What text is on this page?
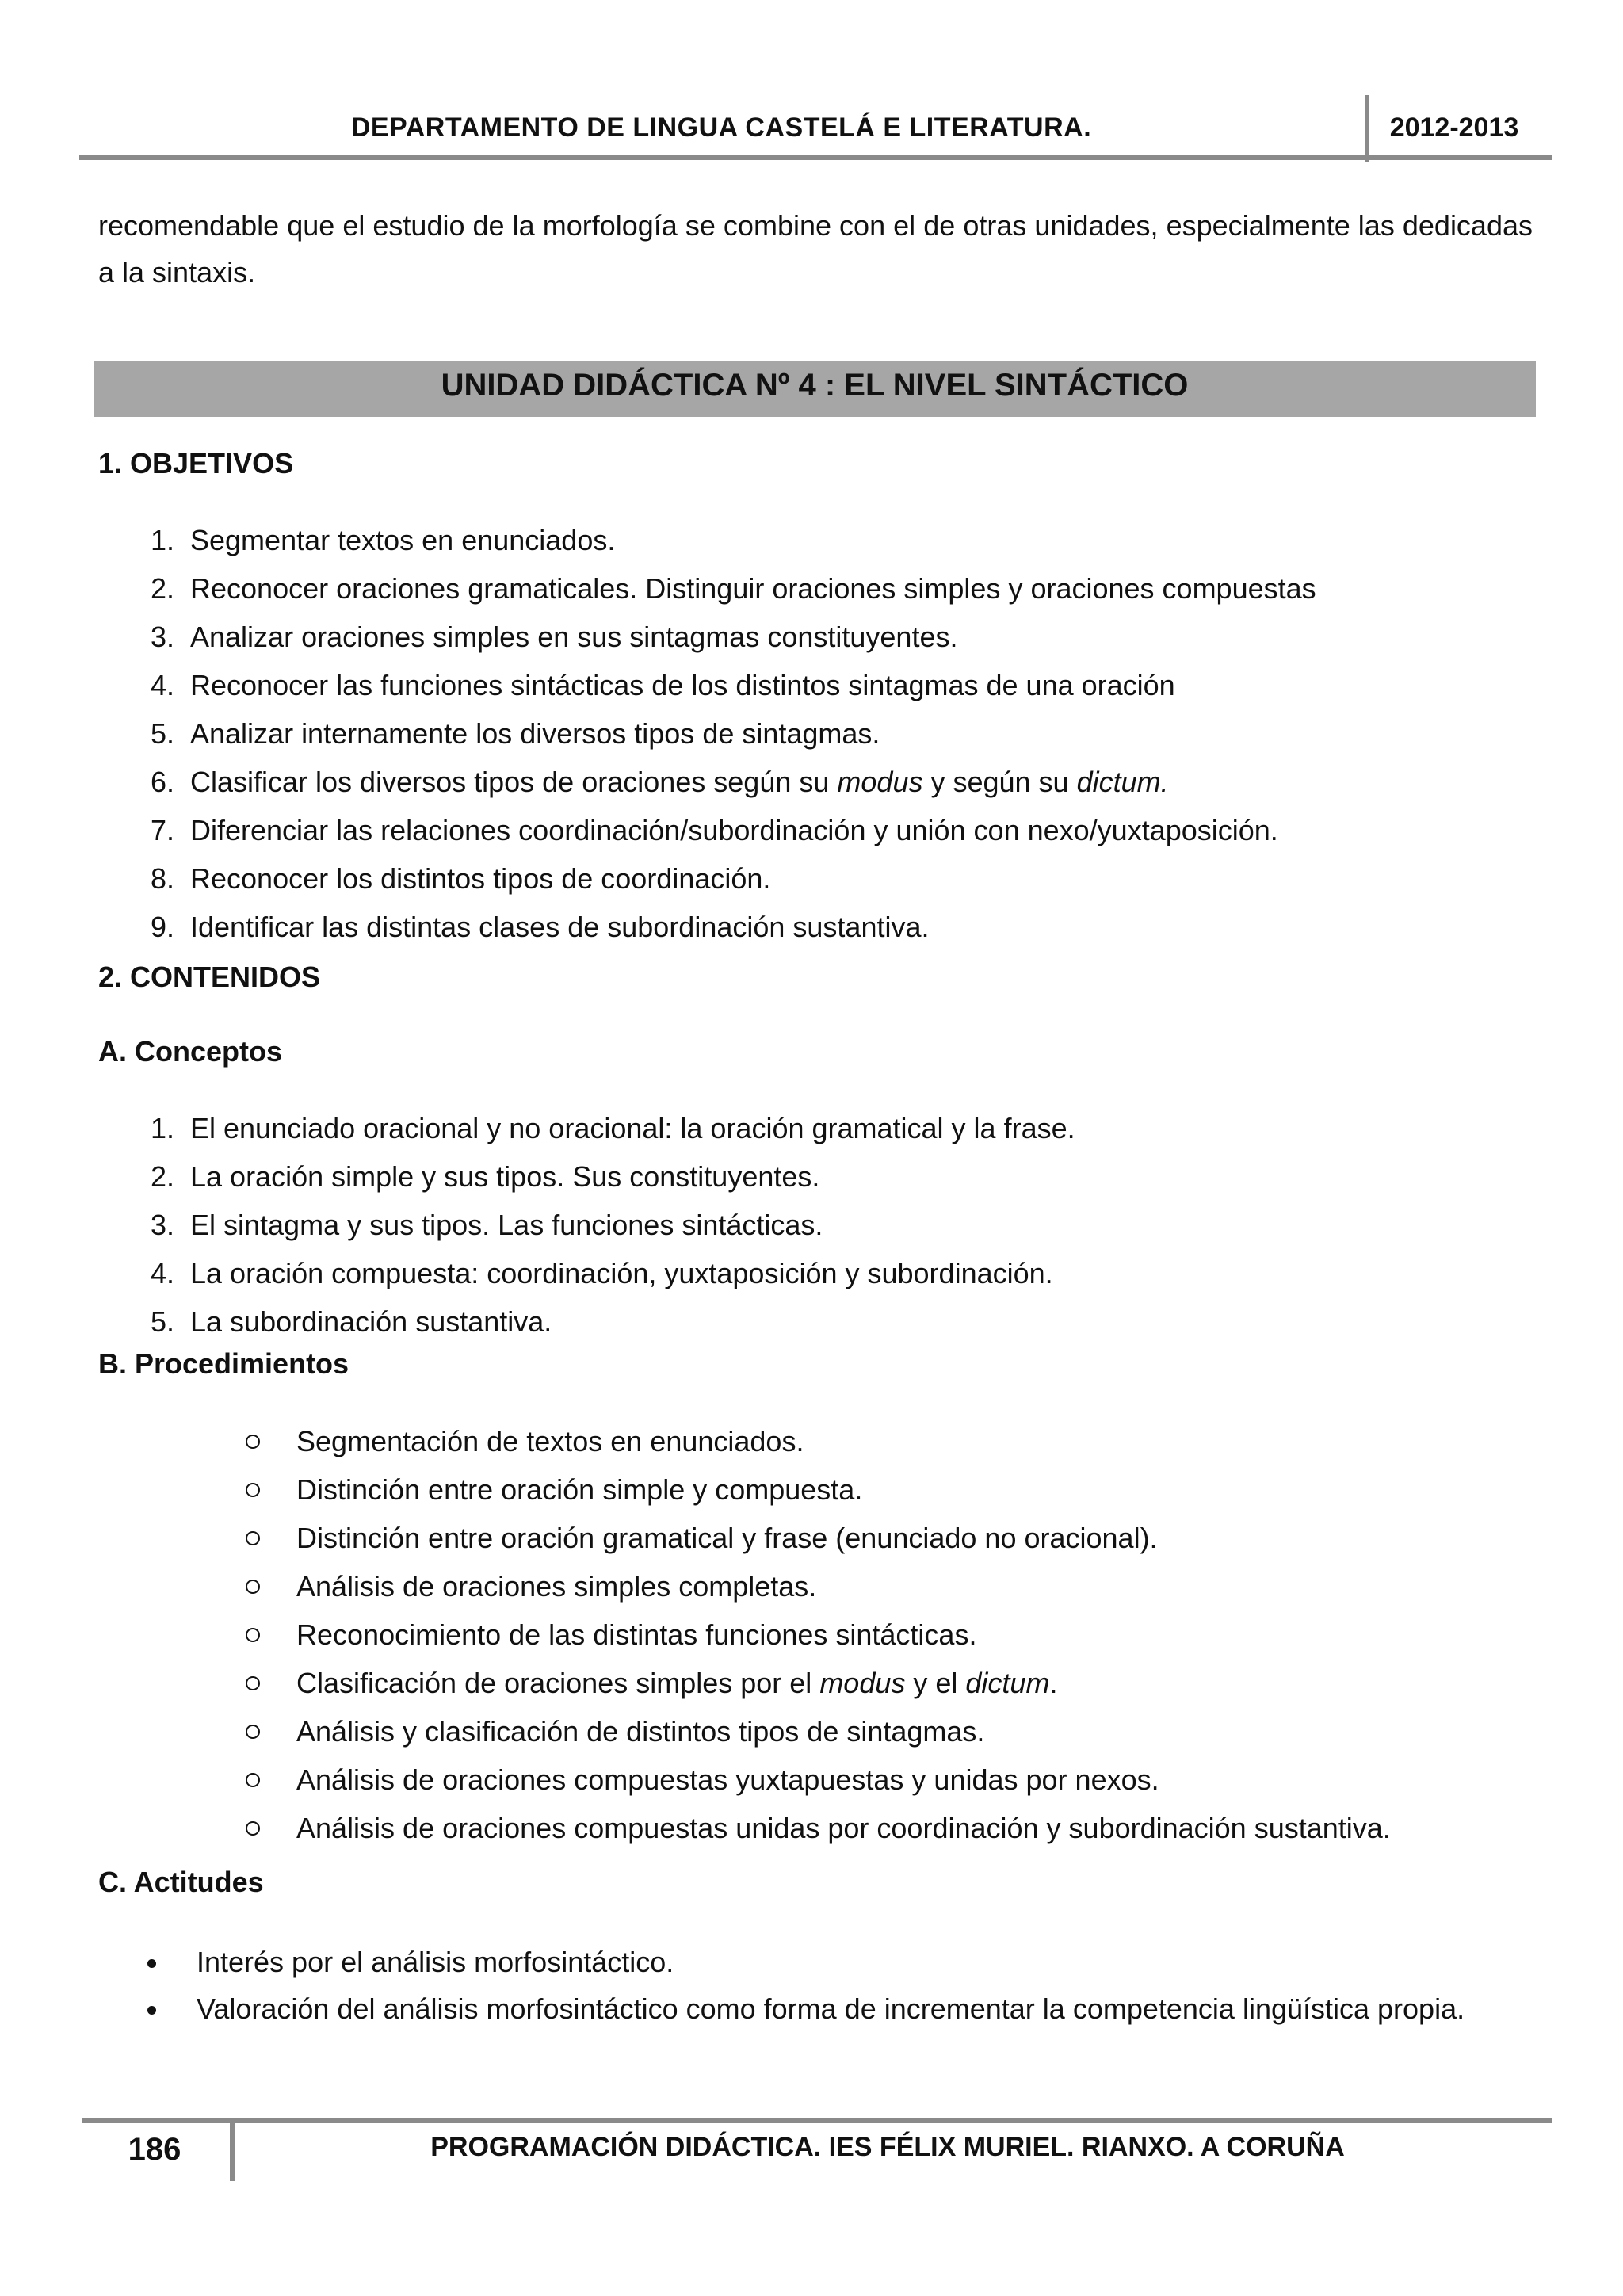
DEPARTAMENTO DE LINGUA CASTELÁ E LITERATURA.	2012-2013
recomendable que el estudio de la morfología se combine con el de otras unidades, especialmente las dedicadas a la sintaxis.
UNIDAD DIDÁCTICA Nº 4 : EL NIVEL SINTÁCTICO
1. OBJETIVOS
1. Segmentar textos en enunciados.
2. Reconocer oraciones gramaticales. Distinguir oraciones simples y oraciones compuestas
3. Analizar oraciones simples en sus sintagmas constituyentes.
4. Reconocer las funciones sintácticas de los distintos sintagmas de una oración
5. Analizar internamente los diversos tipos de sintagmas.
6. Clasificar los diversos tipos de oraciones según su modus y según su dictum.
7. Diferenciar las relaciones coordinación/subordinación y unión con nexo/yuxtaposición.
8. Reconocer los distintos tipos de coordinación.
9. Identificar las distintas clases de subordinación sustantiva.
2. CONTENIDOS
A. Conceptos
1. El enunciado oracional y no oracional: la oración gramatical y la frase.
2. La oración simple y sus tipos. Sus constituyentes.
3. El sintagma y sus tipos. Las funciones sintácticas.
4. La oración compuesta: coordinación, yuxtaposición y subordinación.
5. La subordinación sustantiva.
B. Procedimientos
Segmentación de textos en enunciados.
Distinción entre oración simple y compuesta.
Distinción entre oración gramatical y frase (enunciado no oracional).
Análisis de oraciones simples completas.
Reconocimiento de las distintas funciones sintácticas.
Clasificación de oraciones simples por el modus y el dictum.
Análisis y clasificación de distintos tipos de sintagmas.
Análisis de oraciones compuestas yuxtapuestas y unidas por nexos.
Análisis de oraciones compuestas unidas por coordinación y subordinación sustantiva.
C. Actitudes
Interés por el análisis morfosintáctico.
Valoración del análisis morfosintáctico como forma de incrementar la competencia lingüística propia.
186	PROGRAMACIÓN DIDÁCTICA. IES FÉLIX MURIEL. RIANXO. A CORUÑA
